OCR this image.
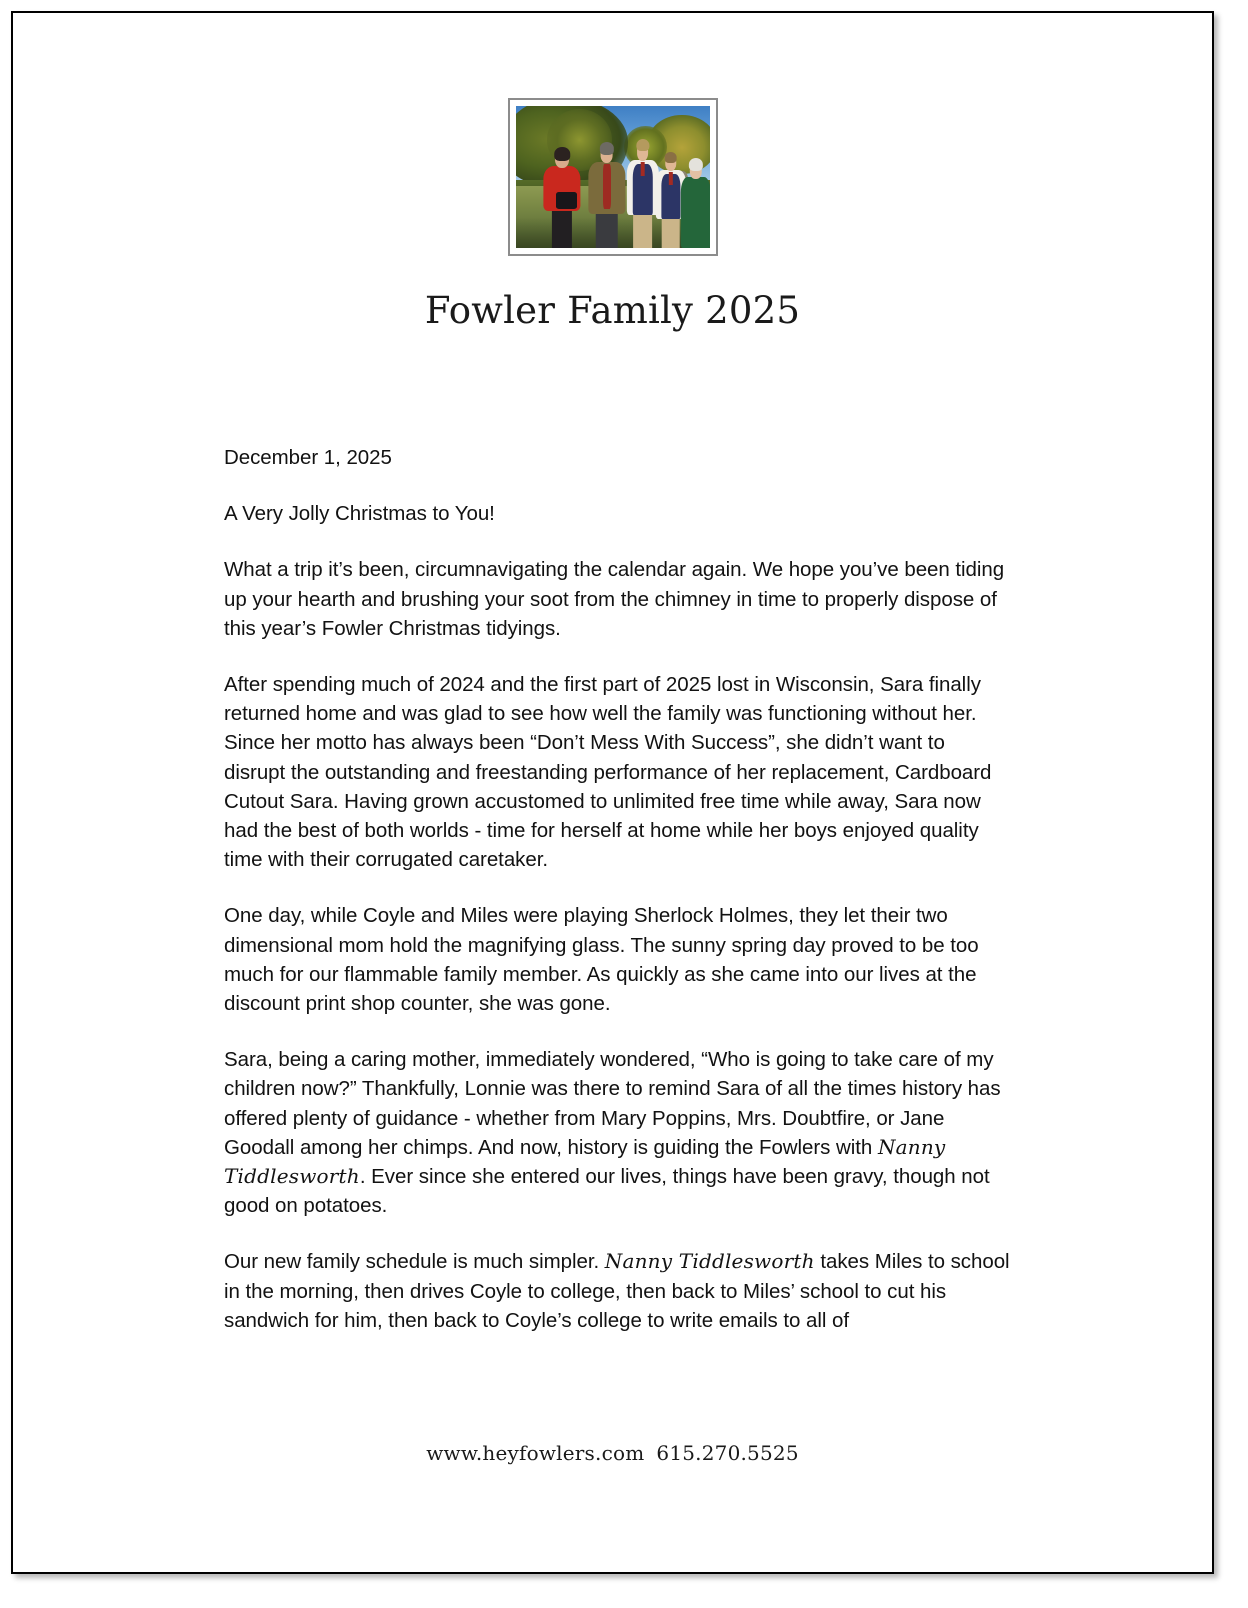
Fowler Family 2025

December 1, 2025

A Very Jolly Christmas to You!

What a trip it’s been, circumnavigating the calendar again. We hope you’ve been tiding up your hearth and brushing your soot from the chimney in time to properly dispose of this year’s Fowler Christmas tidyings.

After spending much of 2024 and the first part of 2025 lost in Wisconsin, Sara finally returned home and was glad to see how well the family was functioning without her. Since her motto has always been “Don’t Mess With Success”, she didn’t want to disrupt the outstanding and freestanding performance of her replacement, Cardboard Cutout Sara. Having grown accustomed to unlimited free time while away, Sara now had the best of both worlds - time for herself at home while her boys enjoyed quality time with their corrugated caretaker.

One day, while Coyle and Miles were playing Sherlock Holmes, they let their two dimensional mom hold the magnifying glass. The sunny spring day proved to be too much for our flammable family member. As quickly as she came into our lives at the discount print shop counter, she was gone.

Sara, being a caring mother, immediately wondered, “Who is going to take care of my children now?” Thankfully, Lonnie was there to remind Sara of all the times history has offered plenty of guidance - whether from Mary Poppins, Mrs. Doubtfire, or Jane Goodall among her chimps. And now, history is guiding the Fowlers with Nanny Tiddlesworth. Ever since she entered our lives, things have been gravy, though not good on potatoes.

Our new family schedule is much simpler. Nanny Tiddlesworth takes Miles to school in the morning, then drives Coyle to college, then back to Miles’ school to cut his sandwich for him, then back to Coyle’s college to write emails to all of

www.heyfowlers.com 615.270.5525
